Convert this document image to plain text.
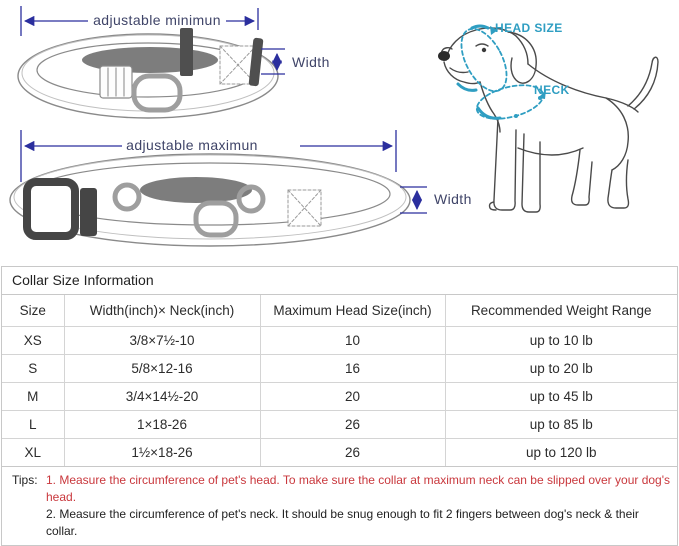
adjustable minimun
Width
adjustable maximun
Width
HEAD SIZE
NECK
Collar Size Information
Size	Width(inch)× Neck(inch)	Maximum Head Size(inch)	Recommended Weight Range
XS	3/8×7½-10	10	up to 10 lb
S	5/8×12-16	16	up to 20 lb
M	3/4×14½-20	20	up to 45 lb
L	1×18-26	26	up to 85 lb
XL	1½×18-26	26	up to 120 lb
Tips: 1. Measure the circumference of pet's head. To make sure the collar at maximum neck can be slipped over your dog's head.
2. Measure the circumference of pet's neck. It should be snug enough to fit 2 fingers between dog's neck & their collar.
